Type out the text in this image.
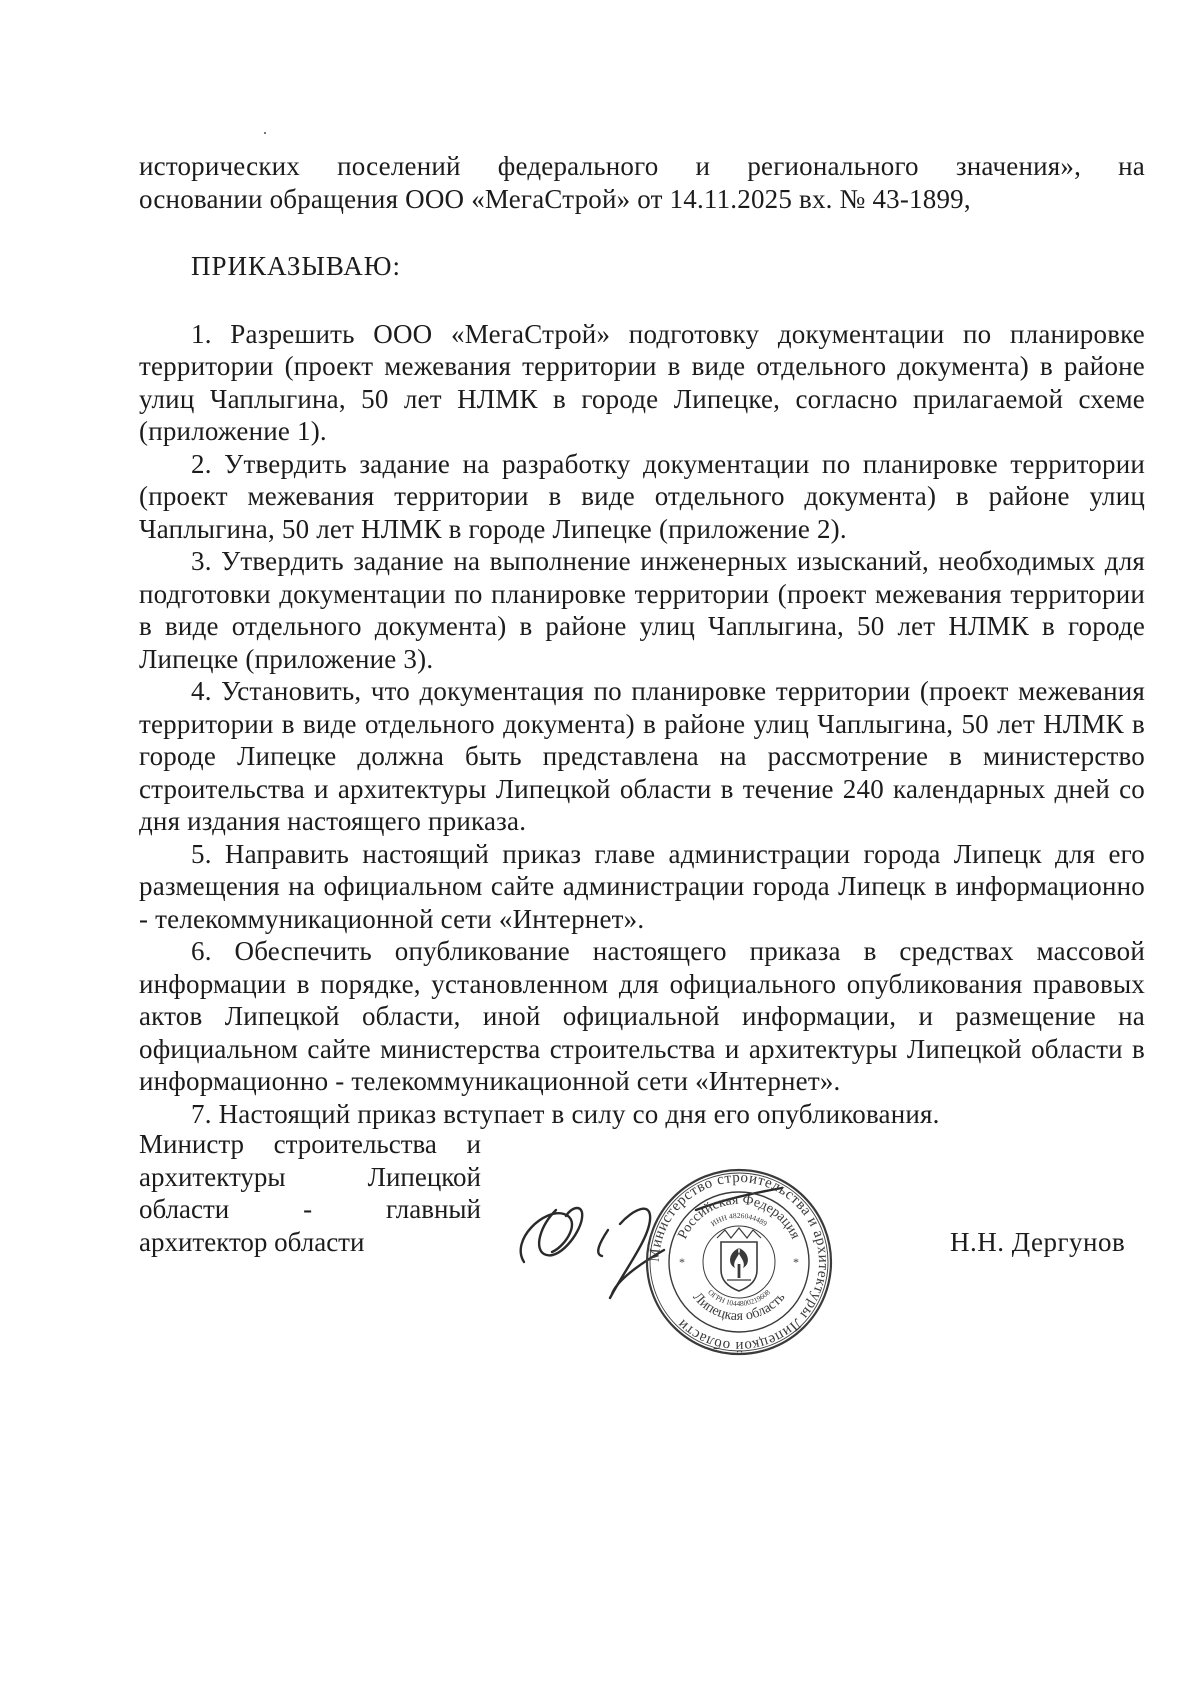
исторических поселений федерального и регионального значения», на

основании обращения ООО «МегаСтрой» от 14.11.2025 вх. № 43-1899,

ПРИКАЗЫВАЮ:

1. Разрешить ООО «МегаСтрой» подготовку документации по планировке территории (проект межевания территории в виде отдельного документа) в районе улиц Чаплыгина, 50 лет НЛМК в городе Липецке, согласно прилагаемой схеме (приложение 1).

2. Утвердить задание на разработку документации по планировке территории (проект межевания территории в виде отдельного документа) в районе улиц Чаплыгина, 50 лет НЛМК в городе Липецке (приложение 2).

3. Утвердить задание на выполнение инженерных изысканий, необходимых для подготовки документации по планировке территории (проект межевания территории в виде отдельного документа) в районе улиц Чаплыгина, 50 лет НЛМК в городе Липецке (приложение 3).

4. Установить, что документация по планировке территории (проект межевания территории в виде отдельного документа) в районе улиц Чаплыгина, 50 лет НЛМК в городе Липецке должна быть представлена на рассмотрение в министерство строительства и архитектуры Липецкой области в течение 240 календарных дней со дня издания настоящего приказа.

5. Направить настоящий приказ главе администрации города Липецк для его размещения на официальном сайте администрации города Липецк в информационно - телекоммуникационной сети «Интернет».

6. Обеспечить опубликование настоящего приказа в средствах массовой информации в порядке, установленном для официального опубликования правовых актов Липецкой области, иной официальной информации, и размещение на официальном сайте министерства строительства и архитектуры Липецкой области в информационно - телекоммуникационной сети «Интернет».

7. Настоящий приказ вступает в силу со дня его опубликования.

Министр строительства и
архитектуры Липецкой
области - главный
архитектор области	Министерство строительства и архитектуры Липецкой области
Российская Федерация
Липецкая область
ИНН 4826044489
ОГРН 1044800219608
*	*
Н.Н. Дергунов
